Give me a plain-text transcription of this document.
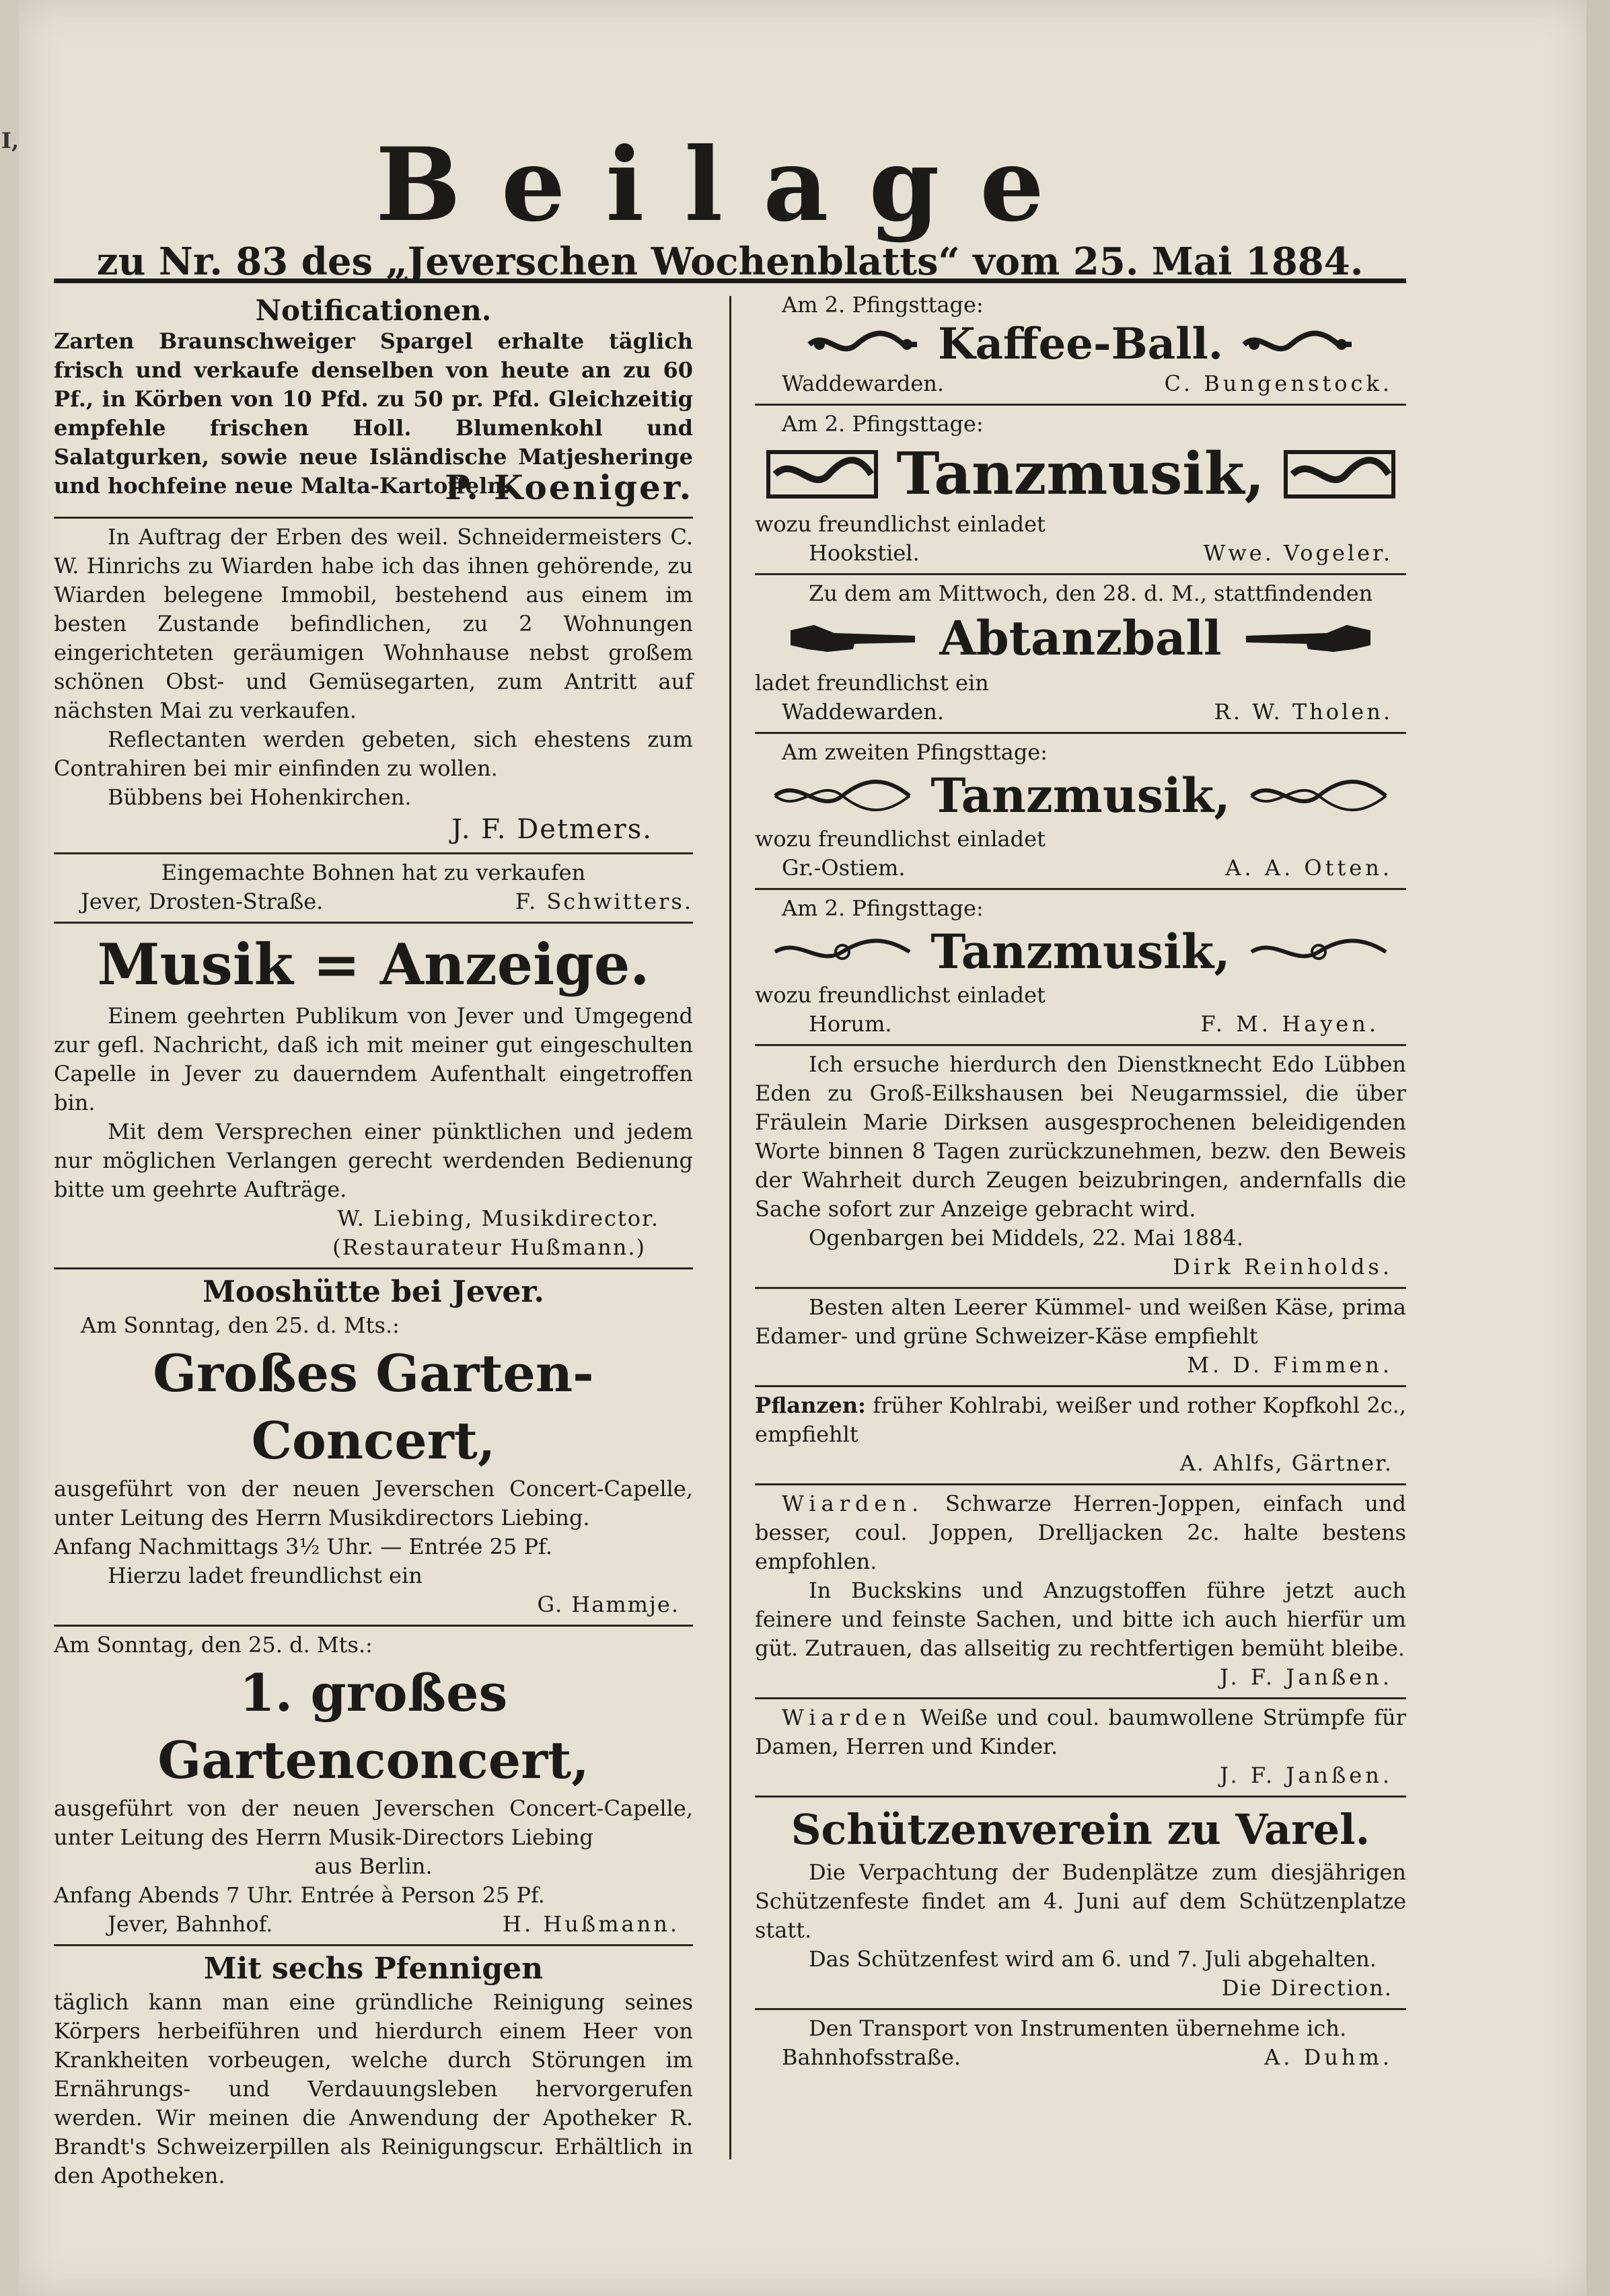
I,	Beilage
zu Nr. 83 des „Jeverschen Wochenblatts“ vom 25. Mai 1884.
Notificationen.

Zarten Braunschweiger Spargel erhalte täglich frisch und verkaufe denselben von heute an zu 60 Pf., in Körben von 10 Pfd. zu 50 pr. Pfd. Gleichzeitig empfehle frischen Holl. Blumenkohl und Salatgurken, sowie neue Isländische Matjesheringe und hochfeine neue Malta-Kartoffeln.

P. Koeniger.

In Auftrag der Erben des weil. Schneidermeisters C. W. Hinrichs zu Wiarden habe ich das ihnen gehörende, zu Wiarden belegene Immobil, bestehend aus einem im besten Zustande befindlichen, zu 2 Wohnungen eingerichteten geräumigen Wohnhause nebst großem schönen Obst- und Gemüsegarten, zum Antritt auf nächsten Mai zu verkaufen.

Reflectanten werden gebeten, sich ehestens zum Contrahiren bei mir einfinden zu wollen.

Bübbens bei Hohenkirchen.

J. F. Detmers.

Eingemachte Bohnen hat zu verkaufen

Jever, Drosten-Straße.	F. Schwitters.
Musik = Anzeige.

Einem geehrten Publikum von Jever und Umgegend zur gefl. Nachricht, daß ich mit meiner gut eingeschulten Capelle in Jever zu dauerndem Aufenthalt eingetroffen bin.

Mit dem Versprechen einer pünktlichen und jedem nur möglichen Verlangen gerecht werdenden Bedienung bitte um geehrte Aufträge.

W. Liebing, Musikdirector.
(Restaurateur Hußmann.)
Mooshütte bei Jever.

Am Sonntag, den 25. d. Mts.:

Großes Garten-Concert,

ausgeführt von der neuen Jeverschen Concert-Capelle, unter Leitung des Herrn Musikdirectors Liebing.

Anfang Nachmittags 3½ Uhr. — Entrée 25 Pf.

Hierzu ladet freundlichst ein

G. Hammje.

Am Sonntag, den 25. d. Mts.:

1. großes Gartenconcert,

ausgeführt von der neuen Jeverschen Concert-Capelle, unter Leitung des Herrn Musik-Directors Liebing

aus Berlin.

Anfang Abends 7 Uhr. Entrée à Person 25 Pf.

Jever, Bahnhof.	H. Hußmann.
Mit sechs Pfennigen

täglich kann man eine gründliche Reinigung seines Körpers herbeiführen und hierdurch einem Heer von Krankheiten vorbeugen, welche durch Störungen im Ernährungs- und Verdauungsleben hervorgerufen werden. Wir meinen die Anwendung der Apotheker R. Brandt's Schweizerpillen als Reinigungscur. Erhältlich in den Apotheken.

Am 2. Pfingsttage:

Kaffee-Ball.
Waddewarden.	C. Bungenstock.

Am 2. Pfingsttage:

Tanzmusik,

wozu freundlichst einladet

Hookstiel.	Wwe. Vogeler.

Zu dem am Mittwoch, den 28. d. M., stattfindenden

Abtanzball

ladet freundlichst ein

Waddewarden.	R. W. Tholen.

Am zweiten Pfingsttage:

Tanzmusik,

wozu freundlichst einladet

Gr.-Ostiem.	A. A. Otten.

Am 2. Pfingsttage:

Tanzmusik,

wozu freundlichst einladet

Horum.	F. M. Hayen.

Ich ersuche hierdurch den Dienstknecht Edo Lübben Eden zu Groß-Eilkshausen bei Neugarmssiel, die über Fräulein Marie Dirksen ausgesprochenen beleidigenden Worte binnen 8 Tagen zurückzunehmen, bezw. den Beweis der Wahrheit durch Zeugen beizubringen, andernfalls die Sache sofort zur Anzeige gebracht wird.

Ogenbargen bei Middels, 22. Mai 1884.

Dirk Reinholds.

Besten alten Leerer Kümmel- und weißen Käse, prima Edamer- und grüne Schweizer-Käse empfiehlt

M. D. Fimmen.

Pflanzen: früher Kohlrabi, weißer und rother Kopfkohl 2c., empfiehlt

A. Ahlfs, Gärtner.

Wiarden. Schwarze Herren-Joppen, einfach und besser, coul. Joppen, Drelljacken 2c. halte bestens empfohlen.

In Buckskins und Anzugstoffen führe jetzt auch feinere und feinste Sachen, und bitte ich auch hierfür um güt. Zutrauen, das allseitig zu rechtfertigen bemüht bleibe.

J. F. Janßen.

Wiarden Weiße und coul. baumwollene Strümpfe für Damen, Herren und Kinder.

J. F. Janßen.
Schützenverein zu Varel.

Die Verpachtung der Budenplätze zum diesjährigen Schützenfeste findet am 4. Juni auf dem Schützenplatze statt.

Das Schützenfest wird am 6. und 7. Juli abgehalten.

Die Direction.

Den Transport von Instrumenten übernehme ich.

Bahnhofsstraße.	A. Duhm.
